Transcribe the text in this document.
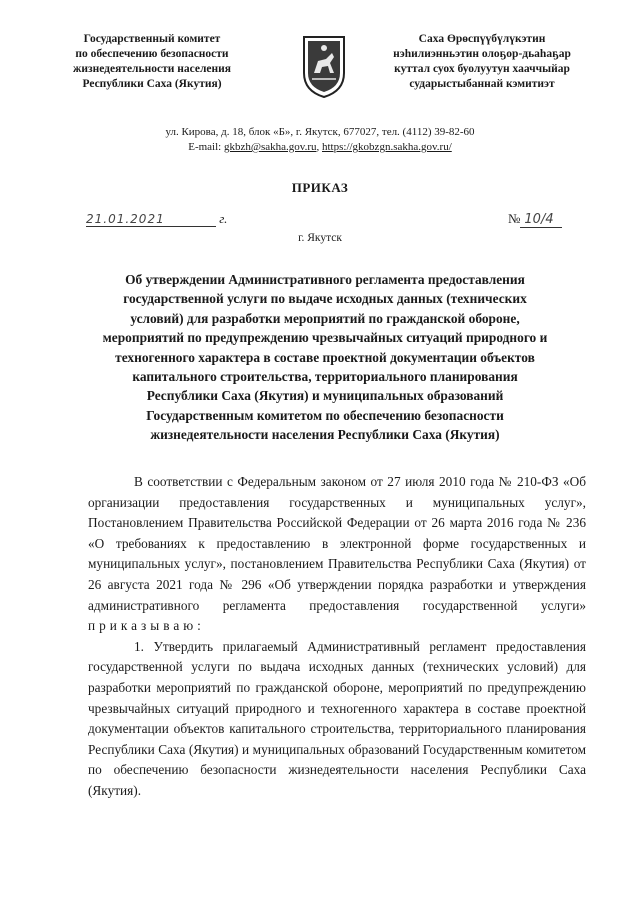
Государственный комитет
по обеспечению безопасности
жизнедеятельности населения
Республики Саха (Якутия)
Саха Өрөспүүбүлүкэтин
нэһилиэнньэтин олоҕор-дьаһаҕар
куттал суох буолуутун хааччыйар
сударыстыбаннай кэмитиэт
ул. Кирова, д. 18, блок «Б», г. Якутск, 677027, тел. (4112) 39-82-60
E-mail: gkbzh@sakha.gov.ru, https://gkobzgn.sakha.gov.ru/
ПРИКАЗ
21.01.2021	г.	№ 10/4
г. Якутск
Об утверждении Административного регламента предоставления
государственной услуги по выдаче исходных данных (технических
условий) для разработки мероприятий по гражданской обороне,
мероприятий по предупреждению чрезвычайных ситуаций природного и
техногенного характера в составе проектной документации объектов
капитального строительства, территориального планирования
Республики Саха (Якутия) и муниципальных образований
Государственным комитетом по обеспечению безопасности
жизнедеятельности населения Республики Саха (Якутия)

В соответствии с Федеральным законом от 27 июля 2010 года № 210-ФЗ «Об организации предоставления государственных и муниципальных услуг», Постановлением Правительства Российской Федерации от 26 марта 2016 года № 236 «О требованиях к предоставлению в электронной форме государственных и муниципальных услуг», постановлением Правительства Республики Саха (Якутия) от 26 августа 2021 года № 296 «Об утверждении порядка разработки и утверждения административного регламента предоставления государственной услуги» приказываю:

1. Утвердить прилагаемый Административный регламент предоставления государственной услуги по выдача исходных данных (технических условий) для разработки мероприятий по гражданской обороне, мероприятий по предупреждению чрезвычайных ситуаций природного и техногенного характера в составе проектной документации объектов капитального строительства, территориального планирования Республики Саха (Якутия) и муниципальных образований Государственным комитетом по обеспечению безопасности жизнедеятельности населения Республики Саха (Якутия).
